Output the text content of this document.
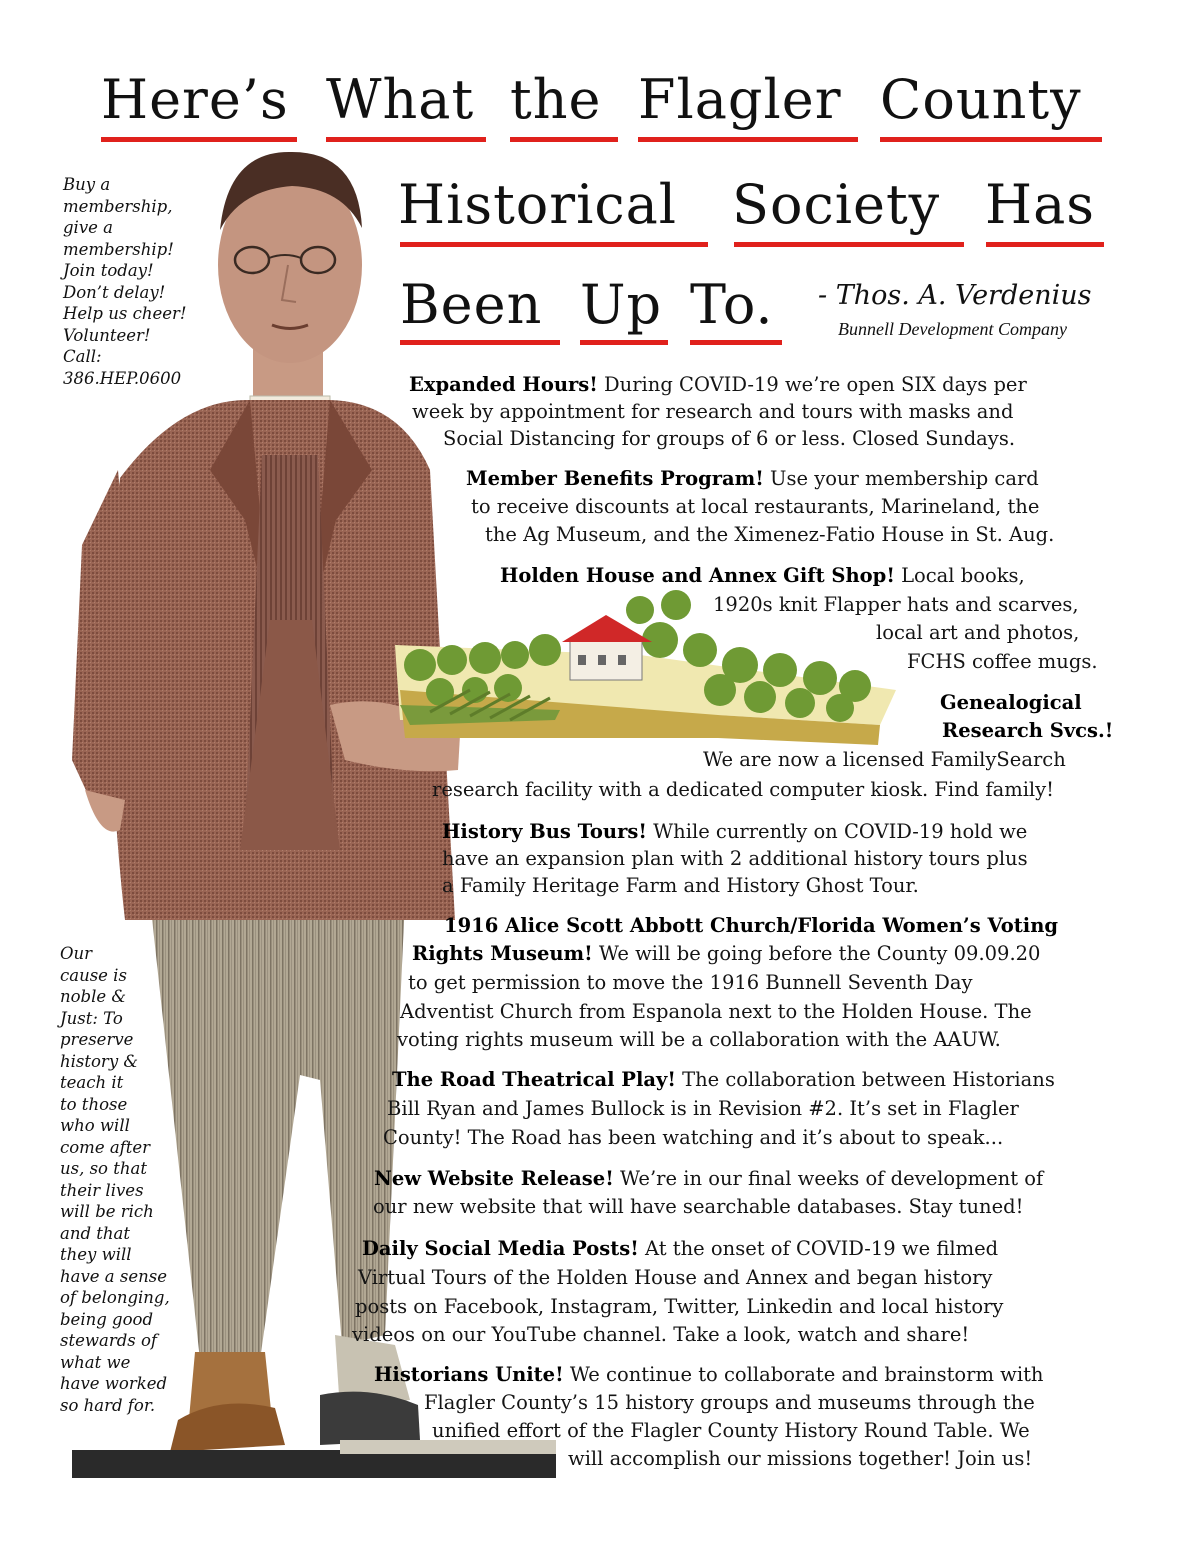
Here’s What the Flagler County
Historical Society Has
Been Up To. - Thos. A. Verdenius
Bunnell Development Company
Buy a
membership,
give a
membership!
Join today!
Don’t delay!
Help us cheer!
Volunteer!
Call:
386.HEP.0600
Our
cause is
noble &
Just: To
preserve
history &
teach it
to those
who will
come after
us, so that
their lives
will be rich
and that
they will
have a sense
of belonging,
being good
stewards of
what we
have worked
so hard for.
Expanded Hours! During COVID-19 we’re open SIX days per
week by appointment for research and tours with masks and
Social Distancing for groups of 6 or less. Closed Sundays.
Member Benefits Program! Use your membership card
to receive discounts at local restaurants, Marineland, the
the Ag Museum, and the Ximenez-Fatio House in St. Aug.
Holden House and Annex Gift Shop! Local books,
1920s knit Flapper hats and scarves,
local art and photos,
FCHS coffee mugs.
Genealogical
Research Svcs.!
We are now a licensed FamilySearch
research facility with a dedicated computer kiosk. Find family!
History Bus Tours! While currently on COVID-19 hold we
have an expansion plan with 2 additional history tours plus
a Family Heritage Farm and History Ghost Tour.
1916 Alice Scott Abbott Church/Florida Women’s Voting
Rights Museum! We will be going before the County 09.09.20
to get permission to move the 1916 Bunnell Seventh Day
Adventist Church from Espanola next to the Holden House. The
voting rights museum will be a collaboration with the AAUW.
The Road Theatrical Play! The collaboration between Historians
Bill Ryan and James Bullock is in Revision #2. It’s set in Flagler
County! The Road has been watching and it’s about to speak...
New Website Release! We’re in our final weeks of development of
our new website that will have searchable databases. Stay tuned!
Daily Social Media Posts! At the onset of COVID-19 we filmed
Virtual Tours of the Holden House and Annex and began history
posts on Facebook, Instagram, Twitter, Linkedin and local history
videos on our YouTube channel. Take a look, watch and share!
Historians Unite! We continue to collaborate and brainstorm with
Flagler County’s 15 history groups and museums through the
unified effort of the Flagler County History Round Table. We
will accomplish our missions together! Join us!
